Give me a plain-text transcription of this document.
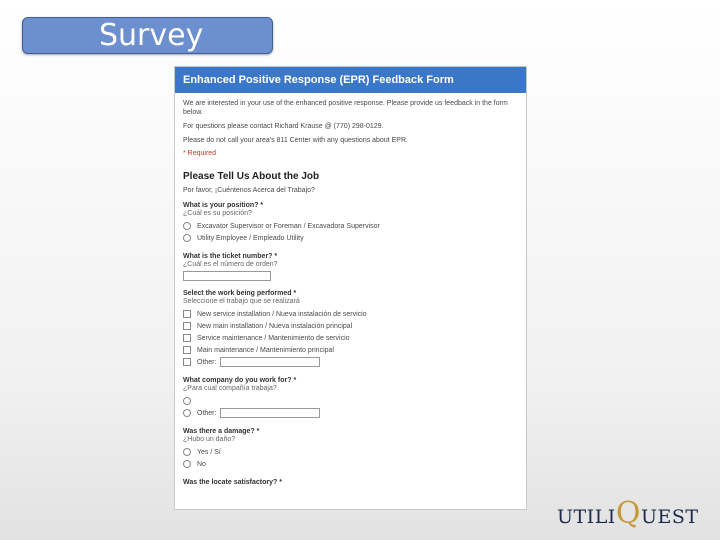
Survey
Enhanced Positive Response (EPR) Feedback Form

We are interested in your use of the enhanced positive response. Please provide us feedback in the form below.

For questions please contact Richard Krause @ (770) 298-0129.

Please do not call your area's 811 Center with any questions about EPR.

* Required

Please Tell Us About the Job
Por favor, ¡Cuéntenos Acerca del Trabajo?
What is your position? *
¿Cuál es su posición?
Excavator Supervisor or Foreman / Excavadora Supervisor
Utility Employee / Empleado Utility
What is the ticket number? *
¿Cuál es el número de orden?
Select the work being performed *
Seleccione el trabajo que se realizará
New service installation / Nueva instalación de servicio
New main installation / Nueva instalación principal
Service maintenance / Mantenimiento de servicio
Main maintenance / Mantenimiento principal
Other:
What company do you work for? *
¿Para cual compañía trabaja?
Other:
Was there a damage? *
¿Hubo un daño?
Yes / Sí
No
Was the locate satisfactory? *
UTILIQUEST
